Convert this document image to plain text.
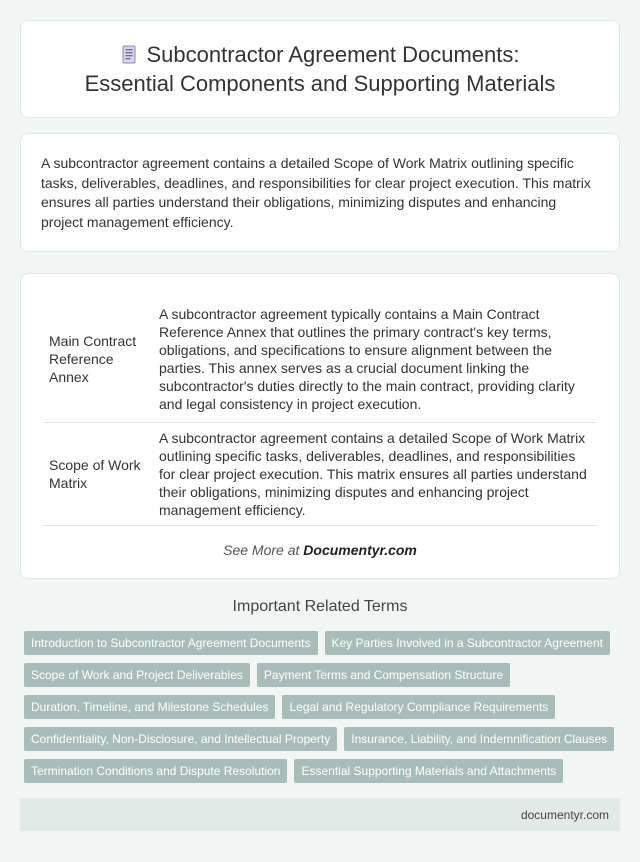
Subcontractor Agreement Documents:
Essential Components and Supporting Materials

A subcontractor agreement contains a detailed Scope of Work Matrix outlining specific tasks, deliverables, deadlines, and responsibilities for clear project execution. This matrix ensures all parties understand their obligations, minimizing disputes and enhancing project management efficiency.

Main Contract Reference Annex	A subcontractor agreement typically contains a Main Contract Reference Annex that outlines the primary contract's key terms, obligations, and specifications to ensure alignment between the parties. This annex serves as a crucial document linking the subcontractor's duties directly to the main contract, providing clarity and legal consistency in project execution.
Scope of Work Matrix	A subcontractor agreement contains a detailed Scope of Work Matrix outlining specific tasks, deliverables, deadlines, and responsibilities for clear project execution. This matrix ensures all parties understand their obligations, minimizing disputes and enhancing project management efficiency.
See More at Documentyr.com
Important Related Terms
Introduction to Subcontractor Agreement Documents	Key Parties Involved in a Subcontractor Agreement
Scope of Work and Project Deliverables	Payment Terms and Compensation Structure
Duration, Timeline, and Milestone Schedules	Legal and Regulatory Compliance Requirements
Confidentiality, Non-Disclosure, and Intellectual Property	Insurance, Liability, and Indemnification Clauses
Termination Conditions and Dispute Resolution	Essential Supporting Materials and Attachments
documentyr.com
